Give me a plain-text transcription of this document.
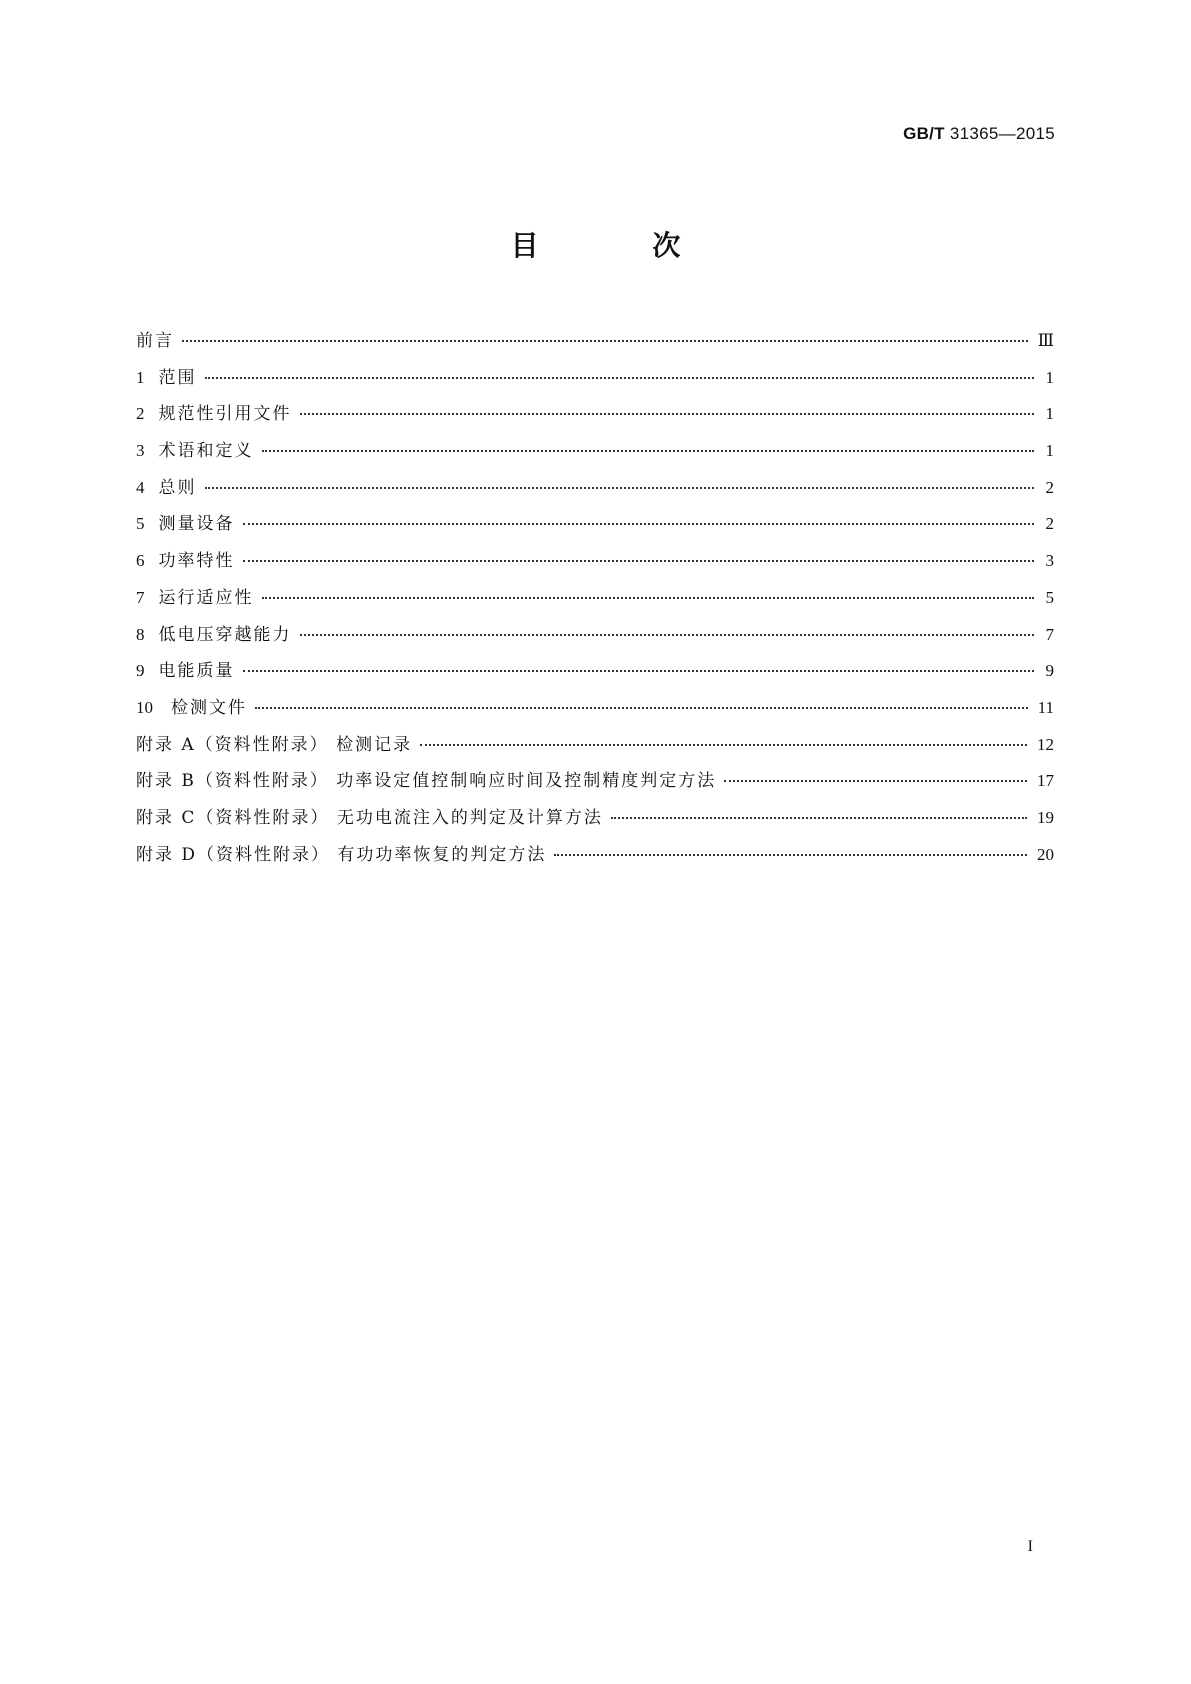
GB/T 31365—2015
目 次
前言	Ⅲ
1 范围	1
2 规范性引用文件	1
3 术语和定义	1
4 总则	2
5 测量设备	2
6 功率特性	3
7 运行适应性	5
8 低电压穿越能力	7
9 电能质量	9
10 检测文件	11
附录 A（资料性附录） 检测记录	12
附录 B（资料性附录） 功率设定值控制响应时间及控制精度判定方法	17
附录 C（资料性附录） 无功电流注入的判定及计算方法	19
附录 D（资料性附录） 有功功率恢复的判定方法	20
I
